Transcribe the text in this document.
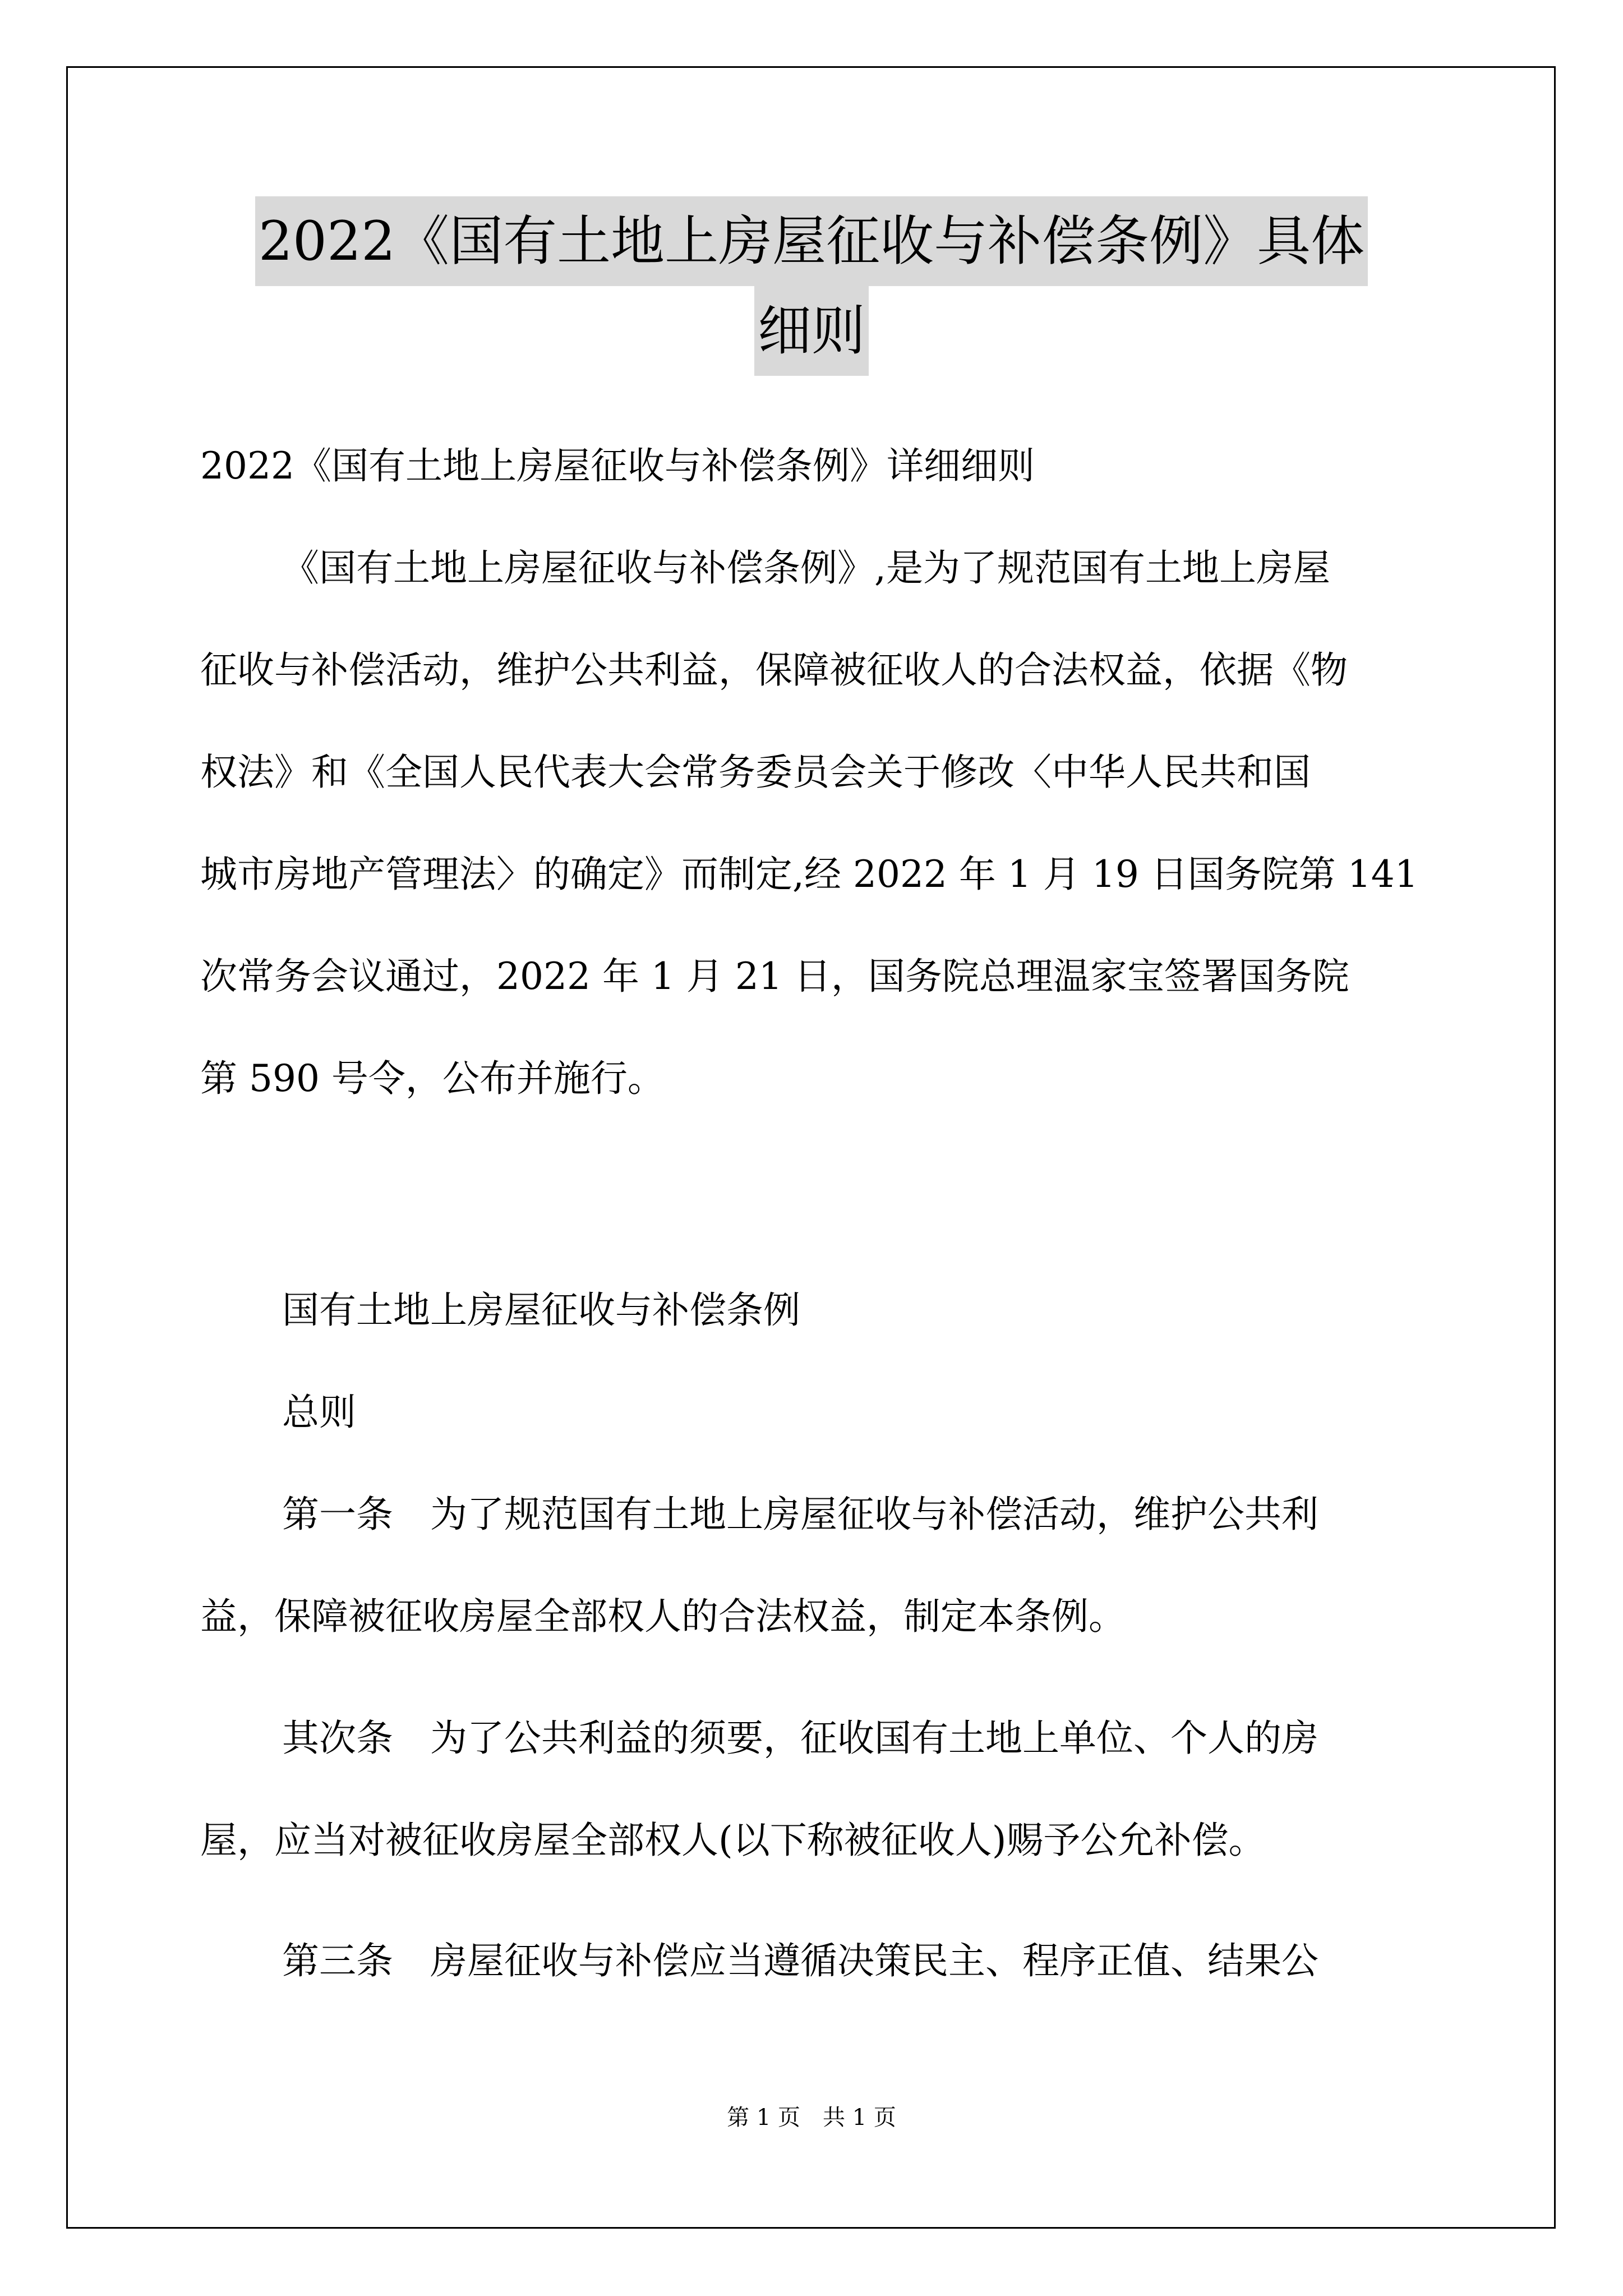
2022《国有土地上房屋征收与补偿条例》具体
细则
2022《国有土地上房屋征收与补偿条例》详细细则
《国有土地上房屋征收与补偿条例》,是为了规范国有土地上房屋
征收与补偿活动，维护公共利益，保障被征收人的合法权益，依据《物
权法》和《全国人民代表大会常务委员会关于修改〈中华人民共和国
城市房地产管理法〉的确定》而制定,经 2022 年 1 月 19 日国务院第 141
次常务会议通过，2022 年 1 月 21 日，国务院总理温家宝签署国务院
第 590 号令，公布并施行。
国有土地上房屋征收与补偿条例
总则
第一条 为了规范国有土地上房屋征收与补偿活动，维护公共利
益，保障被征收房屋全部权人的合法权益，制定本条例。
其次条 为了公共利益的须要，征收国有土地上单位、个人的房
屋，应当对被征收房屋全部权人(以下称被征收人)赐予公允补偿。
第三条 房屋征收与补偿应当遵循决策民主、程序正值、结果公
第 1 页　共 1 页
